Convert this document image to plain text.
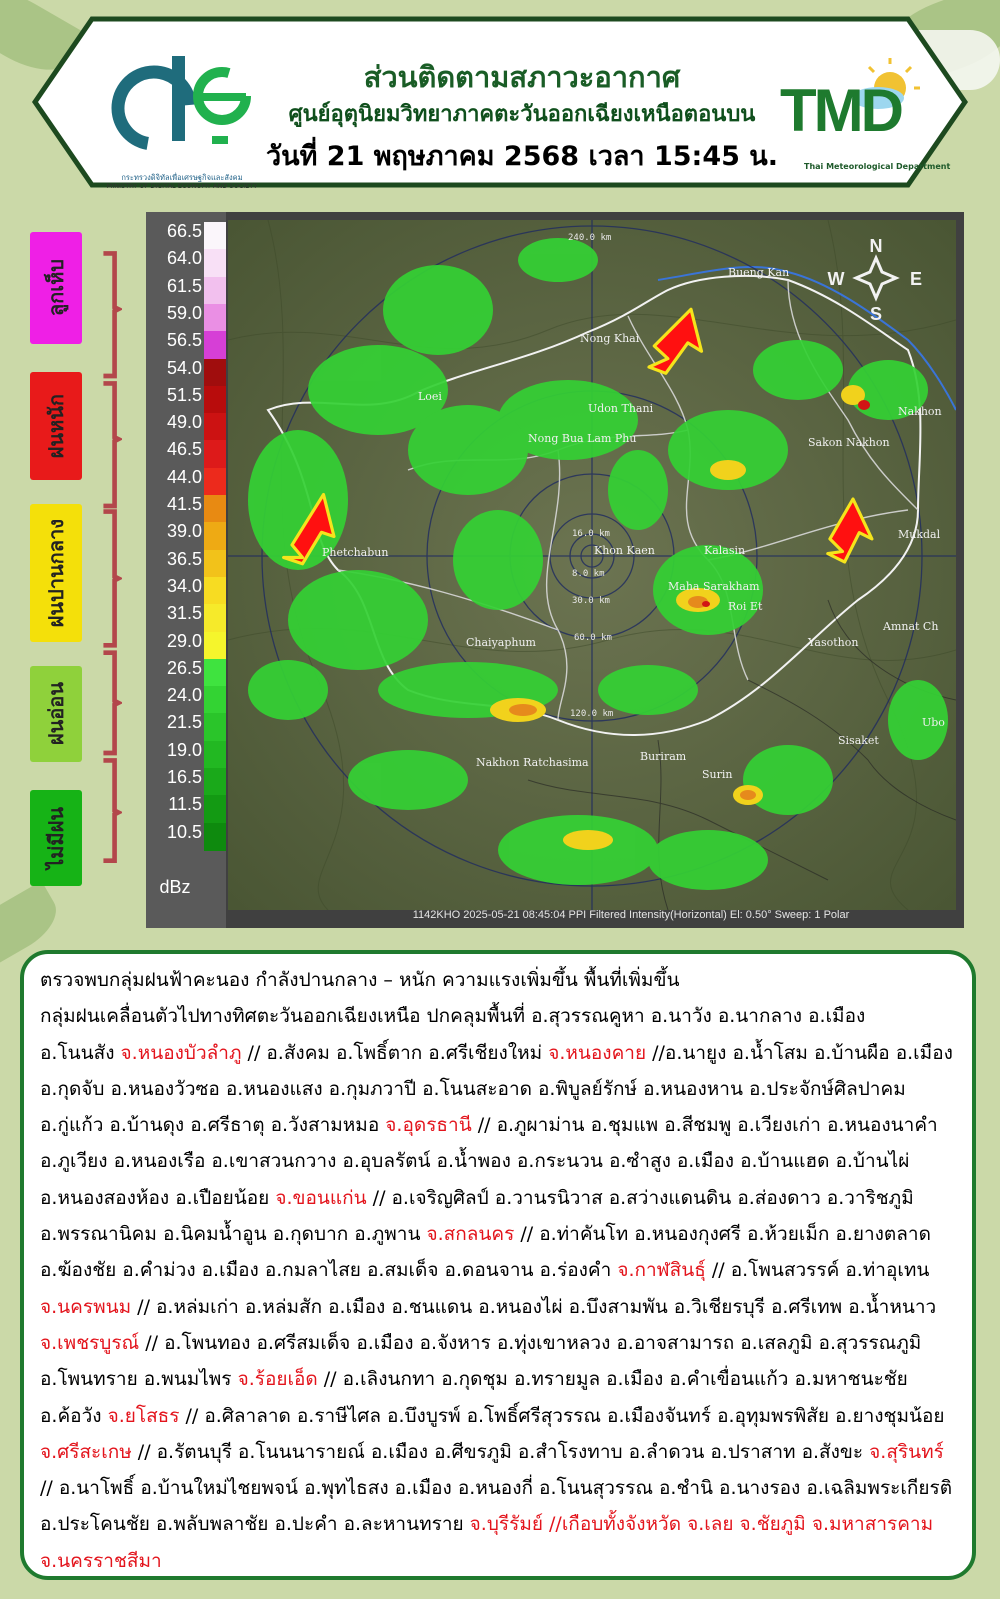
กระทรวงดิจิทัลเพื่อเศรษฐกิจและสังคม
MINISTRY OF DIGITAL ECONOMY AND SOCIETY
ส่วนติดตามสภาวะอากาศ
ศูนย์อุตุนิยมวิทยาภาคตะวันออกเฉียงเหนือตอนบน
วันที่ 21 พฤษภาคม 2568 เวลา 15:45 น.
TMD
Thai Meteorological Department
ลูกเห็บ
ฝนหนัก
ฝนปานกลาง
ฝนอ่อน
ไม่มีฝน
66.5
64.0
61.5
59.0
56.5
54.0
51.5
49.0
46.5
44.0
41.5
39.0
36.5
34.0
31.5
29.0
26.5
24.0
21.5
19.0
16.5
11.5
10.5
dBz
N
E
S
W
240.0 km
120.0 km
60.0 km
30.0 km
16.0 km
8.0 km
Bueng Kan
Nong Khai
Loei
Udon Thani
Nong Bua Lam Phu	Sakon Nakhon
Nakhon
Phetchabun	Khon Kaen	Kalasin
Mukdal
Maha Sarakham
Roi Et
Yasothon
Amnat Ch
Chaiyaphum
Ubo
Sisaket
Nakhon Ratchasima	Buriram
Surin
1142KHO 2025-05-21 08:45:04 PPI Filtered Intensity(Horizontal) El: 0.50° Sweep: 1 Polar

ตรวจพบกลุ่มฝนฟ้าคะนอง กำลังปานกลาง – หนัก ความแรงเพิ่มขึ้น พื้นที่เพิ่มขึ้น

กลุ่มฝนเคลื่อนตัวไปทางทิศตะวันออกเฉียงเหนือ ปกคลุมพื้นที่ อ.สุวรรณคูหา อ.นาวัง อ.นากลาง อ.เมือง

อ.โนนสัง จ.หนองบัวลำภู // อ.สังคม อ.โพธิ์ตาก อ.ศรีเชียงใหม่ จ.หนองคาย //อ.นายูง อ.น้ำโสม อ.บ้านผือ อ.เมือง

อ.กุดจับ อ.หนองวัวซอ อ.หนองแสง อ.กุมภวาปี อ.โนนสะอาด อ.พิบูลย์รักษ์ อ.หนองหาน อ.ประจักษ์ศิลปาคม

อ.กู่แก้ว อ.บ้านดุง อ.ศรีธาตุ อ.วังสามหมอ จ.อุดรธานี // อ.ภูผาม่าน อ.ชุมแพ อ.สีชมพู อ.เวียงเก่า อ.หนองนาคำ

อ.ภูเวียง อ.หนองเรือ อ.เขาสวนกวาง อ.อุบลรัตน์ อ.น้ำพอง อ.กระนวน อ.ซำสูง อ.เมือง อ.บ้านแฮด อ.บ้านไผ่

อ.หนองสองห้อง อ.เปือยน้อย จ.ขอนแก่น // อ.เจริญศิลป์ อ.วานรนิวาส อ.สว่างแดนดิน อ.ส่องดาว อ.วาริชภูมิ

อ.พรรณานิคม อ.นิคมน้ำอูน อ.กุดบาก อ.ภูพาน จ.สกลนคร // อ.ท่าคันโท อ.หนองกุงศรี อ.ห้วยเม็ก อ.ยางตลาด

อ.ฆ้องชัย อ.คำม่วง อ.เมือง อ.กมลาไสย อ.สมเด็จ อ.ดอนจาน อ.ร่องคำ จ.กาฬสินธุ์ // อ.โพนสวรรค์ อ.ท่าอุเทน

จ.นครพนม // อ.หล่มเก่า อ.หล่มสัก อ.เมือง อ.ชนแดน อ.หนองไผ่ อ.บึงสามพัน อ.วิเชียรบุรี อ.ศรีเทพ อ.น้ำหนาว

จ.เพชรบูรณ์ // อ.โพนทอง อ.ศรีสมเด็จ อ.เมือง อ.จังหาร อ.ทุ่งเขาหลวง อ.อาจสามารถ อ.เสลภูมิ อ.สุวรรณภูมิ

อ.โพนทราย อ.พนมไพร จ.ร้อยเอ็ด // อ.เลิงนกทา อ.กุดชุม อ.ทรายมูล อ.เมือง อ.คำเขื่อนแก้ว อ.มหาชนะชัย

อ.ค้อวัง จ.ยโสธร // อ.ศิลาลาด อ.ราษีไศล อ.บึงบูรพ์ อ.โพธิ์ศรีสุวรรณ อ.เมืองจันทร์ อ.อุทุมพรพิสัย อ.ยางชุมน้อย

จ.ศรีสะเกษ // อ.รัตนบุรี อ.โนนนารายณ์ อ.เมือง อ.ศีขรภูมิ อ.สำโรงทาบ อ.ลำดวน อ.ปราสาท อ.สังขะ จ.สุรินทร์

// อ.นาโพธิ์ อ.บ้านใหม่ไชยพจน์ อ.พุทไธสง อ.เมือง อ.หนองกี่ อ.โนนสุวรรณ อ.ชำนิ อ.นางรอง อ.เฉลิมพระเกียรติ

อ.ประโคนชัย อ.พลับพลาชัย อ.ปะคำ อ.ละหานทราย จ.บุรีรัมย์ //เกือบทั้งจังหวัด จ.เลย จ.ชัยภูมิ จ.มหาสารคาม

จ.นครราชสีมา
